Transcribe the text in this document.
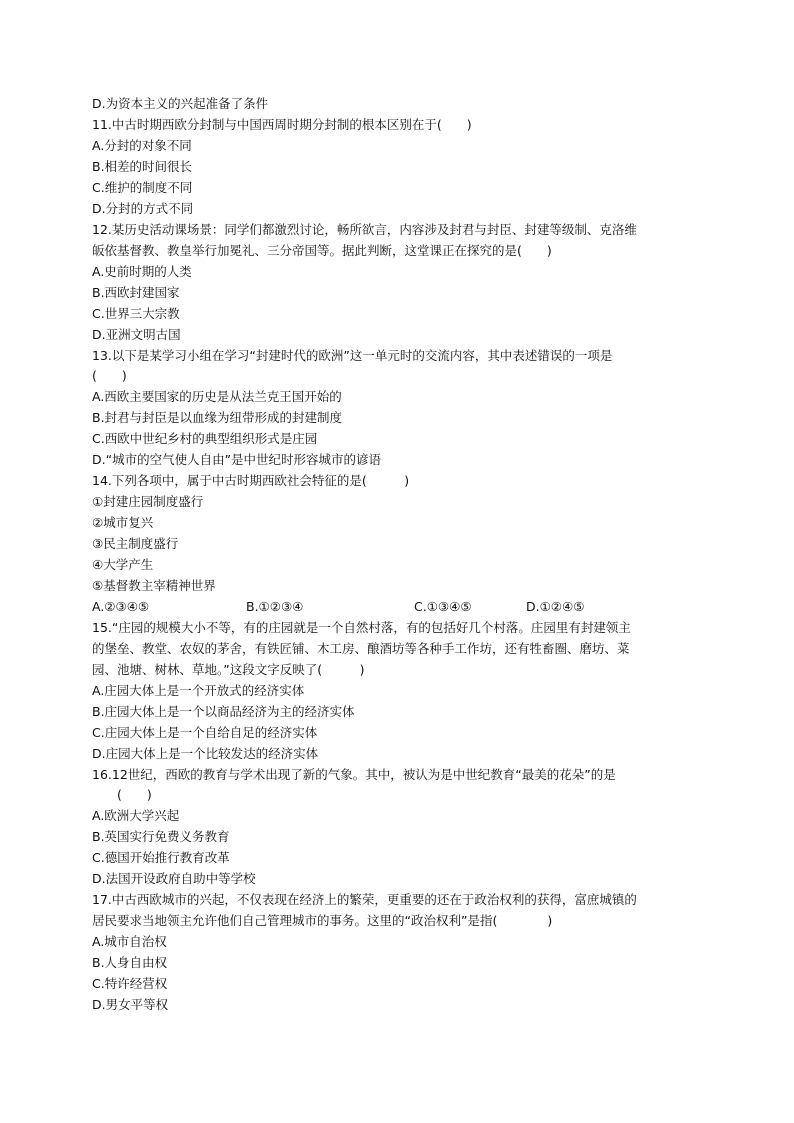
D.为资本主义的兴起准备了条件
11.中古时期西欧分封制与中国西周时期分封制的根本区别在于(　　)
A.分封的对象不同
B.相差的时间很长
C.维护的制度不同
D.分封的方式不同
12.某历史活动课场景：同学们都激烈讨论，畅所欲言，内容涉及封君与封臣、封建等级制、克洛维
皈依基督教、教皇举行加冕礼、三分帝国等。据此判断，这堂课正在探究的是(　　)
A.史前时期的人类
B.西欧封建国家
C.世界三大宗教
D.亚洲文明古国
13.以下是某学习小组在学习“封建时代的欧洲”这一单元时的交流内容，其中表述错误的一项是
(　　)
A.西欧主要国家的历史是从法兰克王国开始的
B.封君与封臣是以血缘为纽带形成的封建制度
C.西欧中世纪乡村的典型组织形式是庄园
D.“城市的空气使人自由”是中世纪时形容城市的谚语
14.下列各项中，属于中古时期西欧社会特征的是(　　　)
①封建庄园制度盛行
②城市复兴
③民主制度盛行
④大学产生
⑤基督教主宰精神世界
A.②③④⑤	B.①②③④	C.①③④⑤	D.①②④⑤
15.“庄园的规模大小不等，有的庄园就是一个自然村落，有的包括好几个村落。庄园里有封建领主
的堡垒、教堂、农奴的茅舍，有铁匠铺、木工房、酿酒坊等各种手工作坊，还有牲畜圈、磨坊、菜
园、池塘、树林、草地。”这段文字反映了(　　　)
A.庄园大体上是一个开放式的经济实体
B.庄园大体上是一个以商品经济为主的经济实体
C.庄园大体上是一个自给自足的经济实体
D.庄园大体上是一个比较发达的经济实体
16.12世纪，西欧的教育与学术出现了新的气象。其中，被认为是中世纪教育“最美的花朵”的是
　　(　　)
A.欧洲大学兴起
B.英国实行免费义务教育
C.德国开始推行教育改革
D.法国开设政府自助中等学校
17.中古西欧城市的兴起，不仅表现在经济上的繁荣，更重要的还在于政治权利的获得，富庶城镇的
居民要求当地领主允许他们自己管理城市的事务。这里的“政治权利”是指(　　　　)
A.城市自治权
B.人身自由权
C.特许经营权
D.男女平等权
